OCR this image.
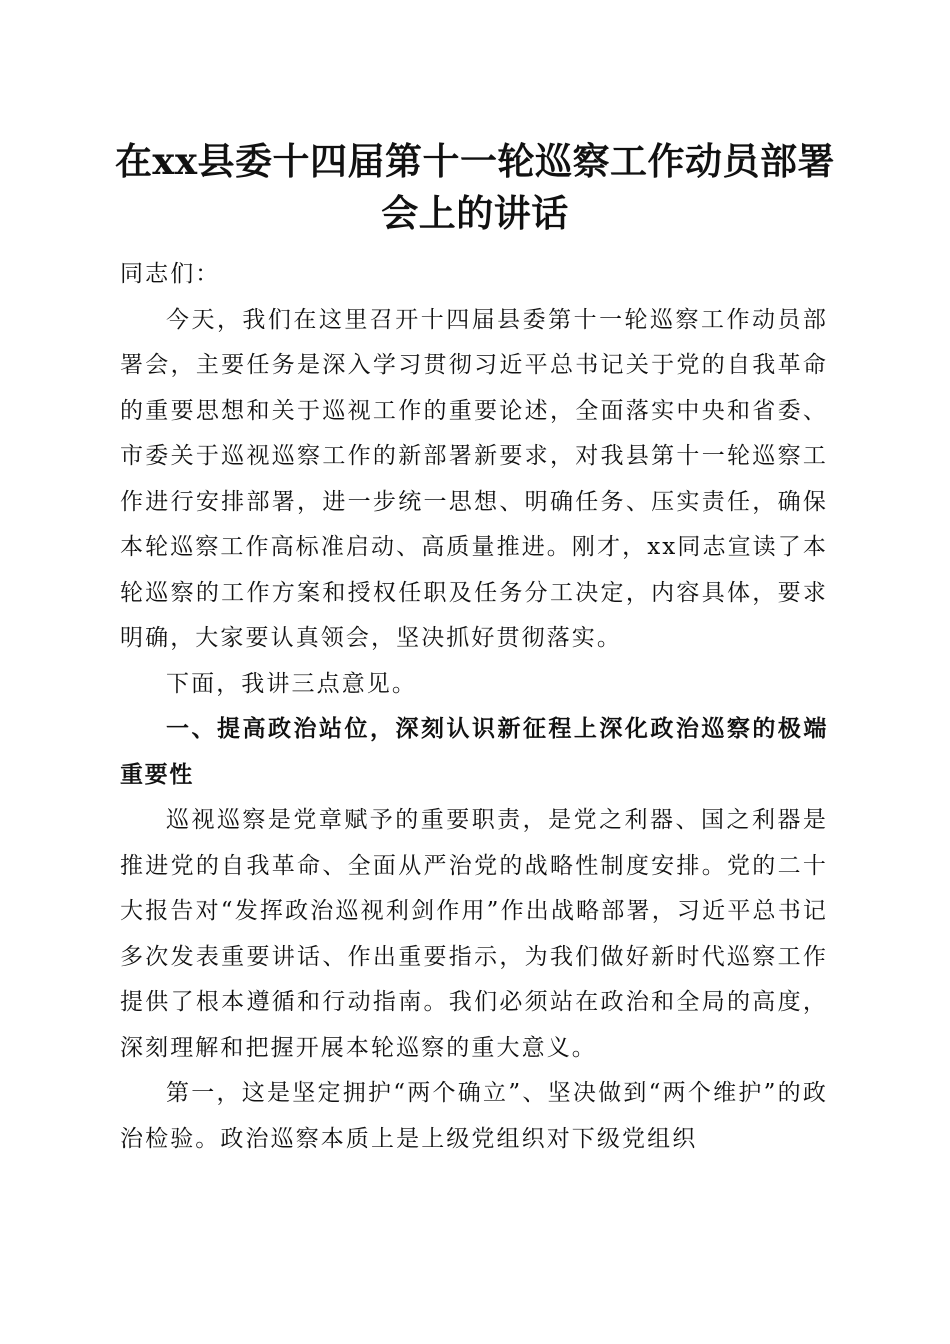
在xx县委十四届第十一轮巡察工作动员部署会上的讲话

同志们：

今天，我们在这里召开十四届县委第十一轮巡察工作动员部署会，主要任务是深入学习贯彻习近平总书记关于党的自我革命的重要思想和关于巡视工作的重要论述，全面落实中央和省委、市委关于巡视巡察工作的新部署新要求，对我县第十一轮巡察工作进行安排部署，进一步统一思想、明确任务、压实责任，确保本轮巡察工作高标准启动、高质量推进。刚才，xx同志宣读了本轮巡察的工作方案和授权任职及任务分工决定，内容具体，要求明确，大家要认真领会，坚决抓好贯彻落实。

下面，我讲三点意见。

一、提高政治站位，深刻认识新征程上深化政治巡察的极端重要性

巡视巡察是党章赋予的重要职责，是党之利器、国之利器是推进党的自我革命、全面从严治党的战略性制度安排。党的二十大报告对“发挥政治巡视利剑作用”作出战略部署，习近平总书记多次发表重要讲话、作出重要指示，为我们做好新时代巡察工作提供了根本遵循和行动指南。我们必须站在政治和全局的高度，深刻理解和把握开展本轮巡察的重大意义。

第一，这是坚定拥护“两个确立”、坚决做到“两个维护”的政治检验。政治巡察本质上是上级党组织对下级党组织
